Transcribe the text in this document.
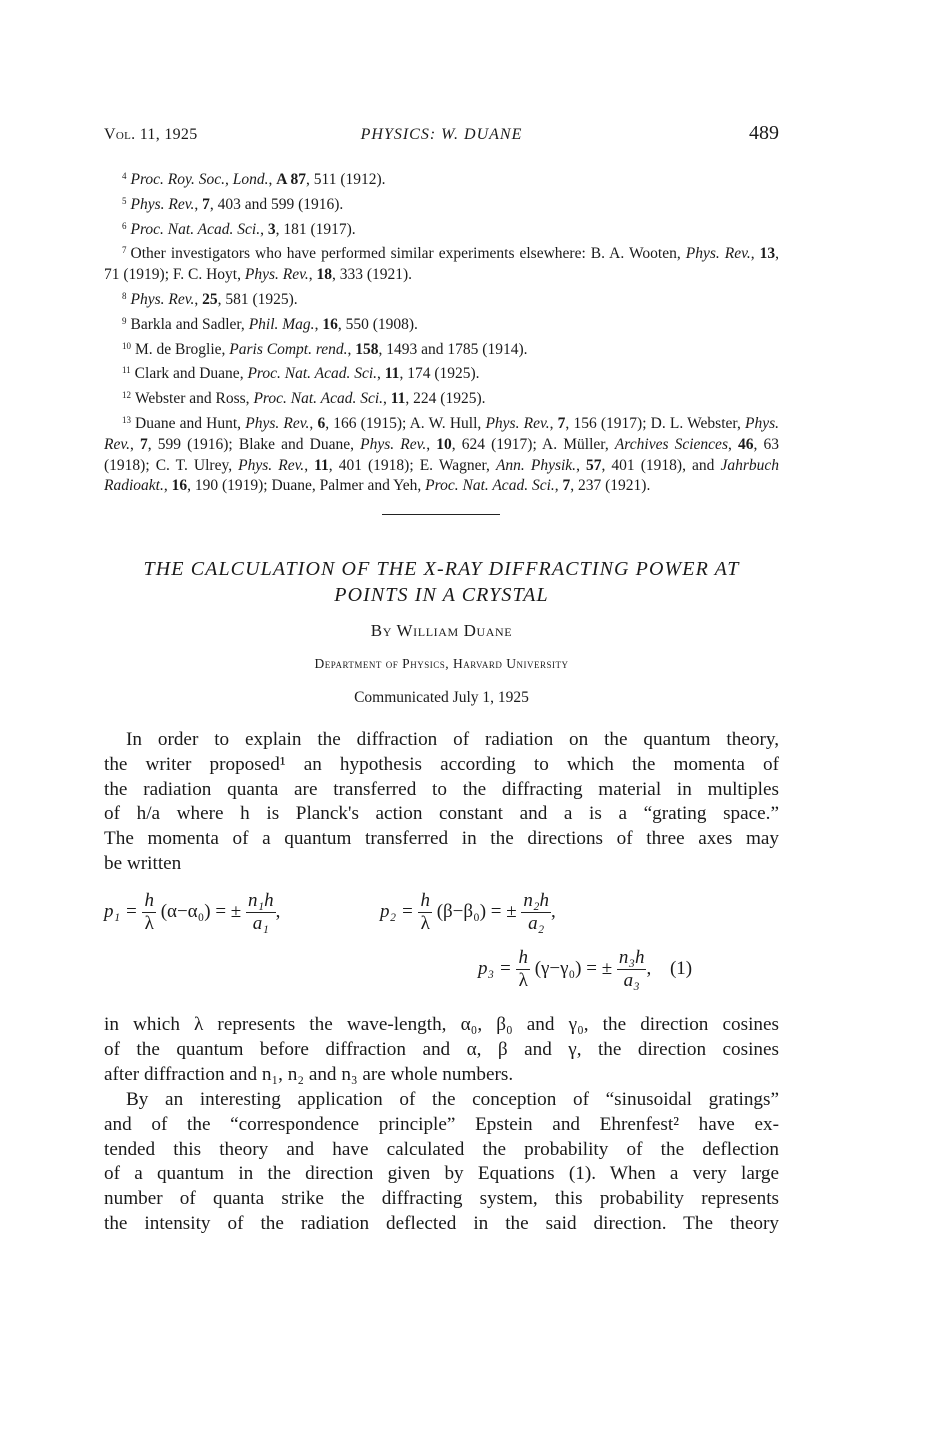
Vol. 11, 1925	PHYSICS: W. DUANE	489
$^4$ Proc. Roy. Soc., Lond., A 87, 511 (1912).
$^5$ Phys. Rev., 7, 403 and 599 (1916).
$^6$ Proc. Nat. Acad. Sci., 3, 181 (1917).
$^7$ Other investigators who have performed similar experiments elsewhere: B. A. Wooten, Phys. Rev., 13, 71 (1919); F. C. Hoyt, Phys. Rev., 18, 333 (1921).
$^8$ Phys. Rev., 25, 581 (1925).
$^9$ Barkla and Sadler, Phil. Mag., 16, 550 (1908).
$^{10}$ M. de Broglie, Paris Compt. rend., 158, 1493 and 1785 (1914).
$^{11}$ Clark and Duane, Proc. Nat. Acad. Sci., 11, 174 (1925).
$^{12}$ Webster and Ross, Proc. Nat. Acad. Sci., 11, 224 (1925).
$^{13}$ Duane and Hunt, Phys. Rev., 6, 166 (1915); A. W. Hull, Phys. Rev., 7, 156 (1917); D. L. Webster, Phys. Rev., 7, 599 (1916); Blake and Duane, Phys. Rev., 10, 624 (1917); A. Müller, Archives Sciences, 46, 63 (1918); C. T. Ulrey, Phys. Rev., 11, 401 (1918); E. Wagner, Ann. Physik., 57, 401 (1918), and Jahrbuch Radioakt., 16, 190 (1919); Duane, Palmer and Yeh, Proc. Nat. Acad. Sci., 7, 237 (1921).
THE CALCULATION OF THE X-RAY DIFFRACTING POWER AT
POINTS IN A CRYSTAL
By William Duane
Department of Physics, Harvard University
Communicated July 1, 1925
In order to explain the diffraction of radiation on the quantum theory,
the writer proposed¹ an hypothesis according to which the momenta of
the radiation quanta are transferred to the diffracting material in multiples
of h/a where h is Planck's action constant and a is a “grating space.”
The momenta of a quantum transferred in the directions of three axes may
be written
$p_1 = \frac{h}{\lambda} (\alpha-\alpha_0)$ = ± $\frac{\text{n₁h}}{\text{a₁}}$ ,	$p_2 = \frac{h}{\lambda} (\beta-\beta_0)$ = ± $\frac{\text{n₂h}}{\text{a₂}}$ ,
$p_3 = \frac{h}{\lambda} (\gamma-\gamma_0)$ = ± $\frac{\text{n₃h}}{\text{a₃}}$ , (1)
in which λ represents the wave-length, α₀, β₀ and γ₀, the direction cosines
of the quantum before diffraction and α, β and γ, the direction cosines
after diffraction and n₁, n₂ and n₃ are whole numbers.
By an interesting application of the conception of “sinusoidal gratings”
and of the “correspondence principle” Epstein and Ehrenfest² have ex-
tended this theory and have calculated the probability of the deflection
of a quantum in the direction given by Equations (1). When a very large
number of quanta strike the diffracting system, this probability represents
the intensity of the radiation deflected in the said direction. The theory
